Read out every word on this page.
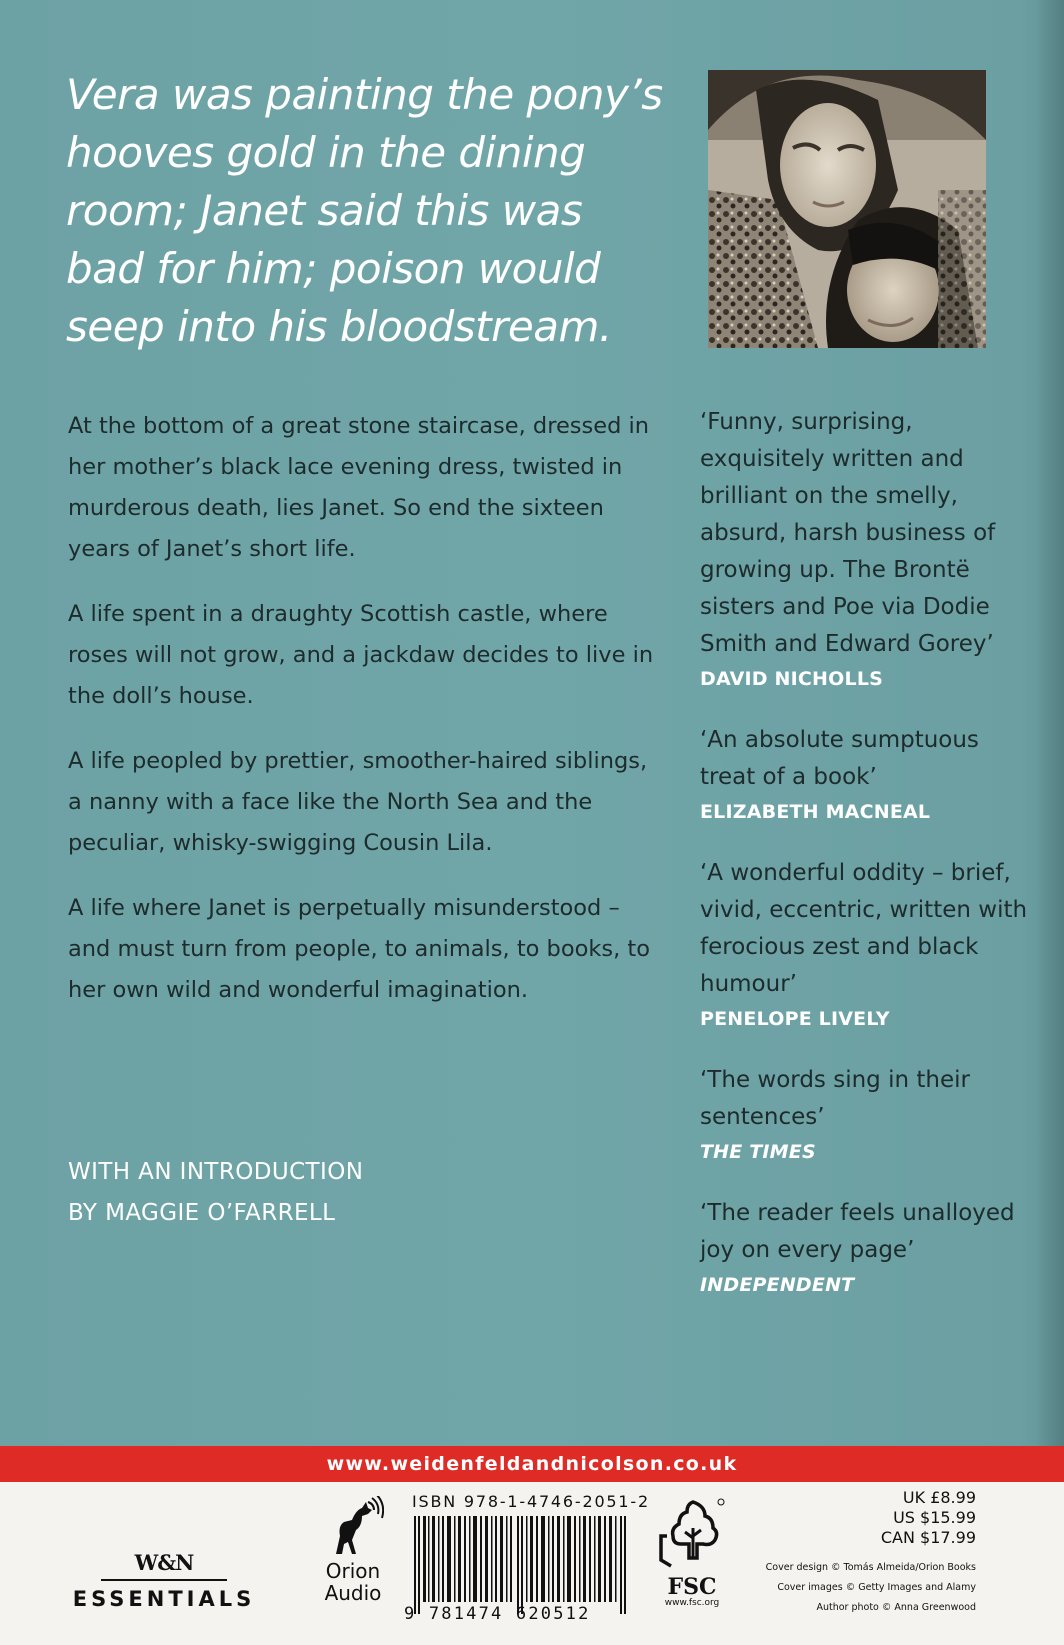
Vera was painting the pony’s hooves gold in the dining room; Janet said this was bad for him; poison would seep into his bloodstream.

At the bottom of a great stone staircase, dressed in her mother’s black lace evening dress, twisted in murderous death, lies Janet. So end the sixteen years of Janet’s short life.

A life spent in a draughty Scottish castle, where roses will not grow, and a jackdaw decides to live in the doll’s house.

A life peopled by prettier, smoother-haired siblings, a nanny with a face like the North Sea and the peculiar, whisky-swigging Cousin Lila.

A life where Janet is perpetually misunderstood – and must turn from people, to animals, to books, to her own wild and wonderful imagination.

WITH AN INTRODUCTION
BY MAGGIE O’FARRELL
‘Funny, surprising, exquisitely written and brilliant on the smelly, absurd, harsh business of growing up. The Brontë sisters and Poe via Dodie Smith and Edward Gorey’
DAVID NICHOLLS
‘An absolute sumptuous treat of a book’
ELIZABETH MACNEAL
‘A wonderful oddity – brief, vivid, eccentric, written with ferocious zest and black humour’
PENELOPE LIVELY
‘The words sing in their sentences’
THE TIMES
‘The reader feels unalloyed joy on every page’
INDEPENDENT
www.weidenfeldandnicolson.co.uk
W&N
ESSENTIALS
Orion
Audio
ISBN 978-1-4746-2051-2
9 781474 620512
FSC
www.fsc.org
UK £8.99
US $15.99
CAN $17.99
Cover design © Tomás Almeida/Orion Books
Cover images © Getty Images and Alamy
Author photo © Anna Greenwood
